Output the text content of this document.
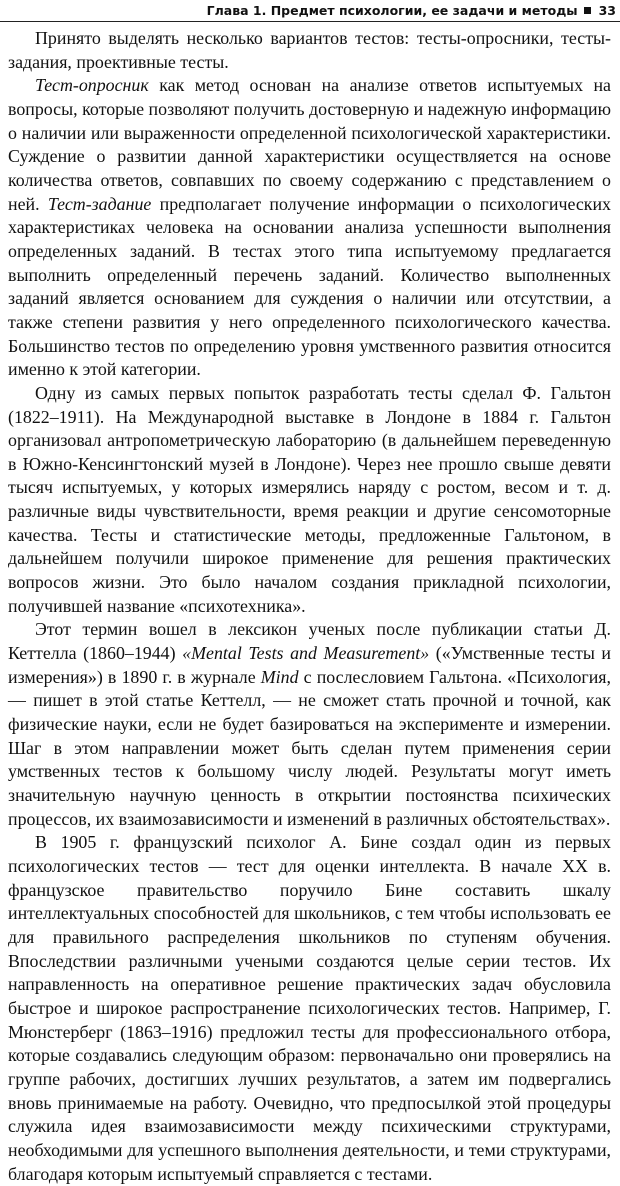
Глава 1. Предмет психологии, ее задачи и методы 33

Принято выделять несколько вариантов тестов: тесты-опросники, тесты-задания, проективные тесты.

Тест-опросник как метод основан на анализе ответов испытуемых на вопросы, которые позволяют получить достоверную и надежную информацию о наличии или выраженности определенной психологической характеристики. Суждение о развитии данной характеристики осуществляется на основе количества ответов, совпавших по своему содержанию с представлением о ней. Тест-задание предполагает получение информации о психологических характеристиках человека на основании анализа успешности выполнения определенных заданий. В тестах этого типа испытуемому предлагается выполнить определенный перечень заданий. Количество выполненных заданий является основанием для суждения о наличии или отсутствии, а также степени развития у него определенного психологического качества. Большинство тестов по определению уровня умственного развития относится именно к этой категории.

Одну из самых первых попыток разработать тесты сделал Ф. Гальтон (1822–1911). На Международной выставке в Лондоне в 1884 г. Гальтон организовал антропометрическую лабораторию (в дальнейшем переведенную в Южно-Кенсингтонский музей в Лондоне). Через нее прошло свыше девяти тысяч испытуемых, у которых измерялись наряду с ростом, весом и т. д. различные виды чувствительности, время реакции и другие сенсомоторные качества. Тесты и статистические методы, предложенные Гальтоном, в дальнейшем получили широкое применение для решения практических вопросов жизни. Это было началом создания прикладной психологии, получившей название «психотехника».

Этот термин вошел в лексикон ученых после публикации статьи Д. Кеттелла (1860–1944) «Mental Tests and Measurement» («Умственные тесты и измерения») в 1890 г. в журнале Mind с послесловием Гальтона. «Психология, — пишет в этой статье Кеттелл, — не сможет стать прочной и точной, как физические науки, если не будет базироваться на эксперименте и измерении. Шаг в этом направлении может быть сделан путем применения серии умственных тестов к большому числу людей. Результаты могут иметь значительную научную ценность в открытии постоянства психических процессов, их взаимозависимости и изменений в различных обстоятельствах».

В 1905 г. французский психолог А. Бине создал один из первых психологических тестов — тест для оценки интеллекта. В начале XX в. французское правительство поручило Бине составить шкалу интеллектуальных способностей для школьников, с тем чтобы использовать ее для правильного распределения школьников по ступеням обучения. Впоследствии различными учеными создаются целые серии тестов. Их направленность на оперативное решение практических задач обусловила быстрое и широкое распространение психологических тестов. Например, Г. Мюнстерберг (1863–1916) предложил тесты для профессионального отбора, которые создавались следующим образом: первоначально они проверялись на группе рабочих, достигших лучших результатов, а затем им подвергались вновь принимаемые на работу. Очевидно, что предпосылкой этой процедуры служила идея взаимозависимости между психическими структурами, необходимыми для успешного выполнения деятельности, и теми структурами, благодаря которым испытуемый справляется с тестами.
